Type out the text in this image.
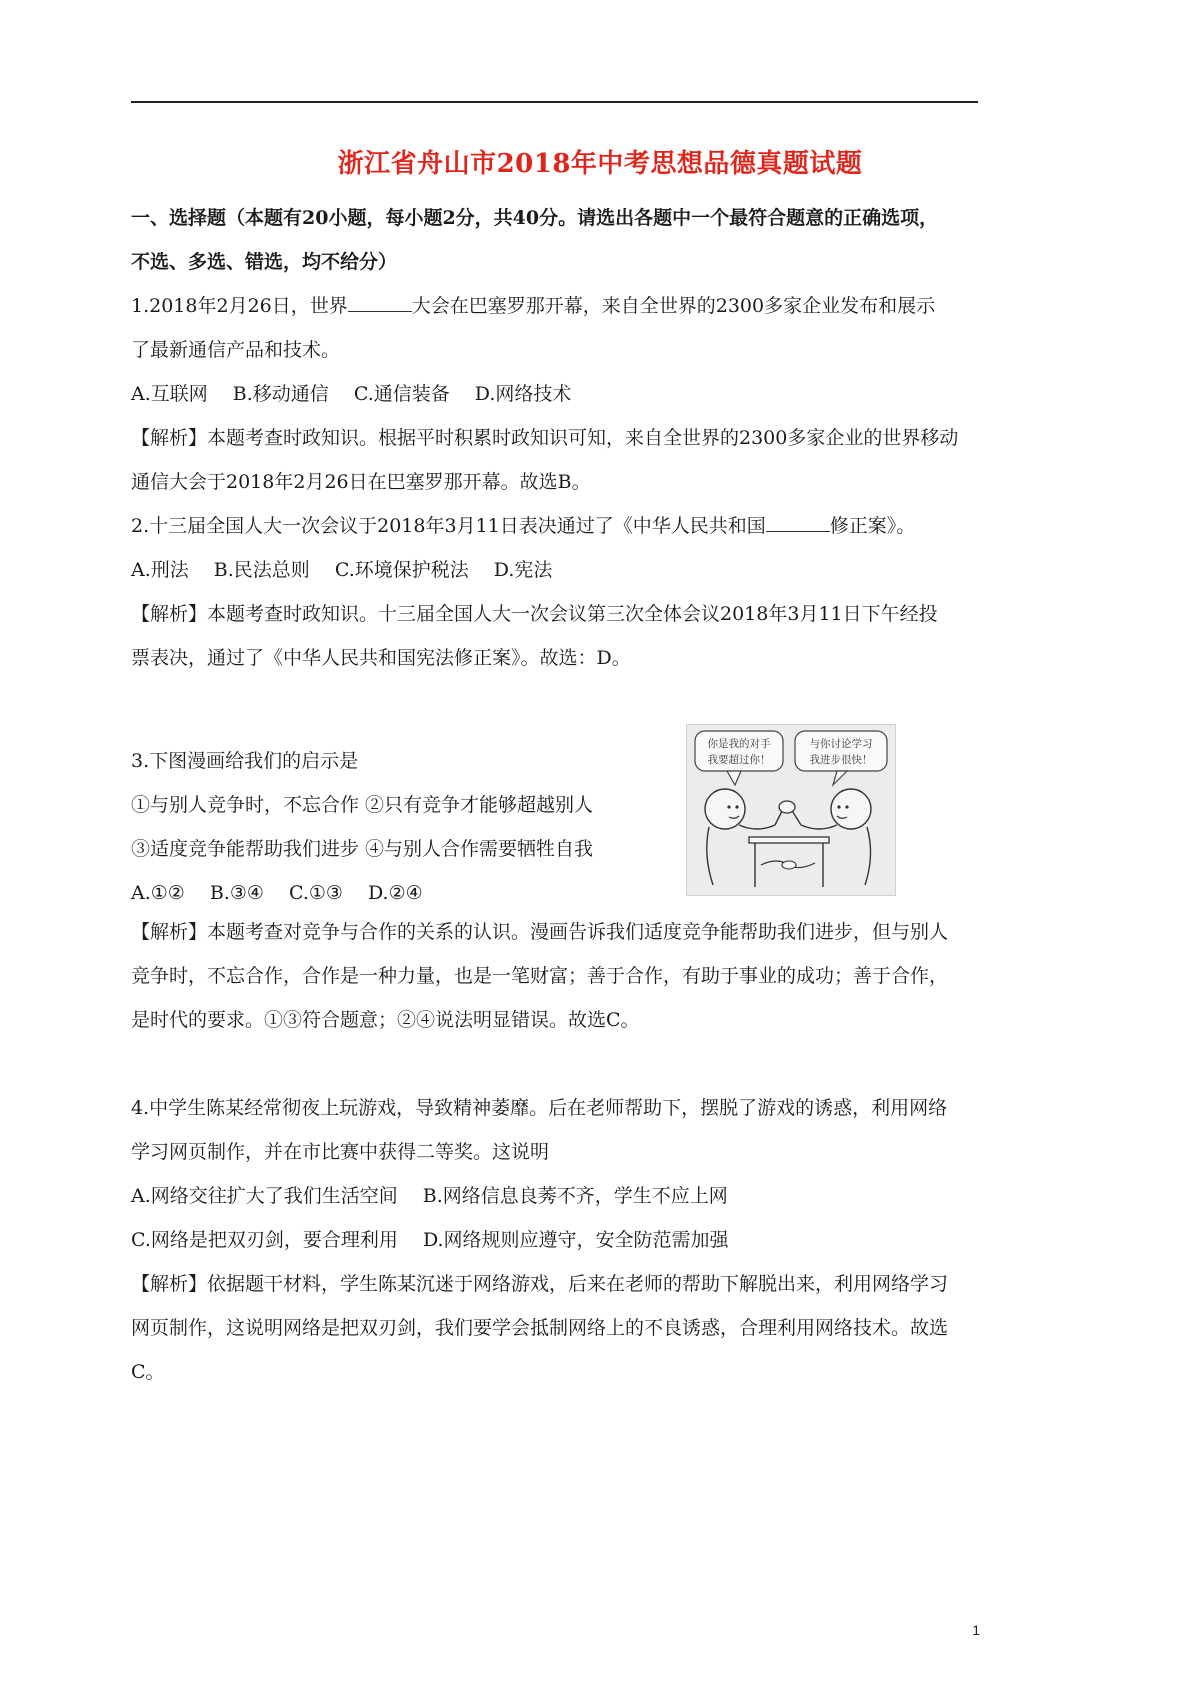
浙江省舟山市2018年中考思想品德真题试题

一、选择题（本题有20小题，每小题2分，共40分。请选出各题中一个最符合题意的正确选项，

不选、多选、错选，均不给分）

1.2018年2月26日，世界	大会在巴塞罗那开幕，来自全世界的2300多家企业发布和展示

了最新通信产品和技术。

A.互联网　 B.移动通信　 C.通信装备　 D.网络技术

【解析】本题考查时政知识。根据平时积累时政知识可知，来自全世界的2300多家企业的世界移动

通信大会于2018年2月26日在巴塞罗那开幕。故选B。

2.十三届全国人大一次会议于2018年3月11日表决通过了《中华人民共和国	修正案》。

A.刑法　 B.民法总则　 C.环境保护税法　 D.宪法

【解析】本题考查时政知识。十三届全国人大一次会议第三次全体会议2018年3月11日下午经投

票表决，通过了《中华人民共和国宪法修正案》。故选：D。

3.下图漫画给我们的启示是

①与别人竞争时，不忘合作 ②只有竞争才能够超越别人

③适度竞争能帮助我们进步 ④与别人合作需要牺牲自我

A.①②　 B.③④　 C.①③　 D.②④

你是我的对手
我要超过你！
与你讨论学习
我进步很快！

【解析】本题考查对竞争与合作的关系的认识。漫画告诉我们适度竞争能帮助我们进步，但与别人

竞争时，不忘合作，合作是一种力量，也是一笔财富；善于合作，有助于事业的成功；善于合作，

是时代的要求。①③符合题意；②④说法明显错误。故选C。

4.中学生陈某经常彻夜上玩游戏，导致精神萎靡。后在老师帮助下，摆脱了游戏的诱惑，利用网络

学习网页制作，并在市比赛中获得二等奖。这说明

A.网络交往扩大了我们生活空间　 B.网络信息良莠不齐，学生不应上网

C.网络是把双刃剑，要合理利用　 D.网络规则应遵守，安全防范需加强

【解析】依据题干材料，学生陈某沉迷于网络游戏，后来在老师的帮助下解脱出来，利用网络学习

网页制作，这说明网络是把双刃剑，我们要学会抵制网络上的不良诱惑，合理利用网络技术。故选

C。

1
